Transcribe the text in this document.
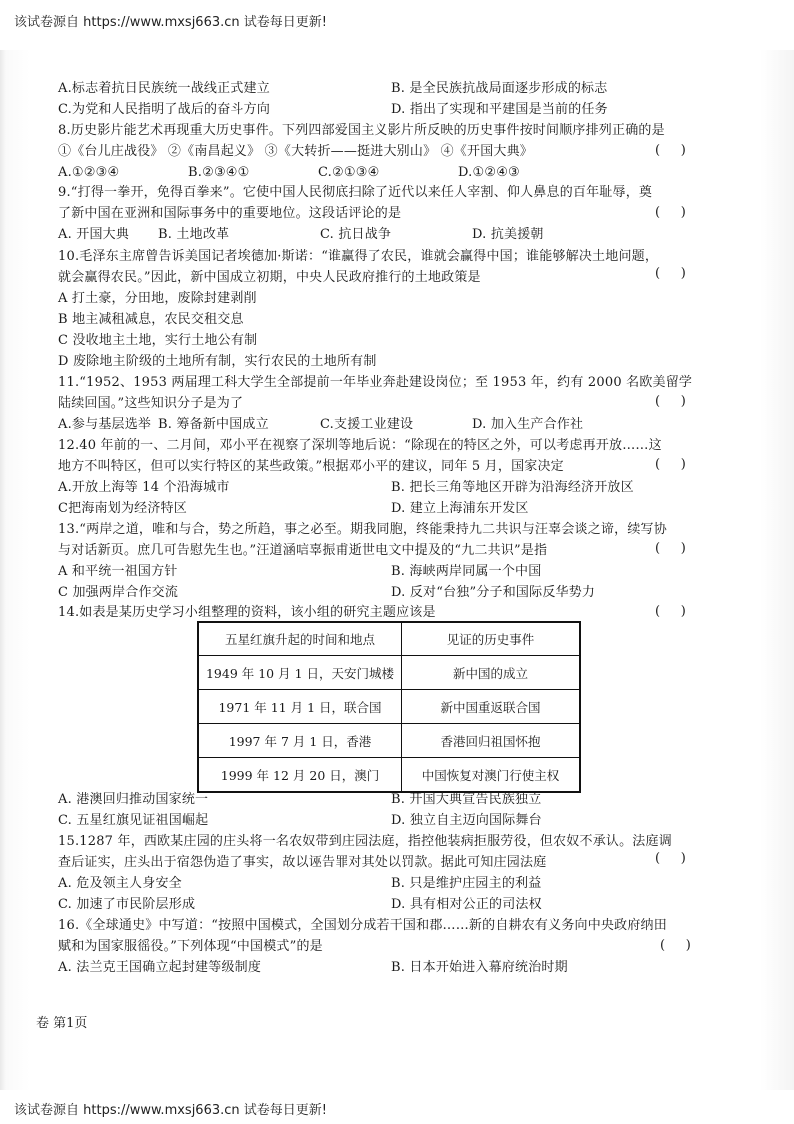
该试卷源自 https://www.mxsj663.cn 试卷每日更新!
A.标志着抗日民族统一战线正式建立	B. 是全民族抗战局面逐步形成的标志
C.为党和人民指明了战后的奋斗方向	D. 指出了实现和平建国是当前的任务
8.历史影片能艺术再现重大历史事件。下列四部爱国主义影片所反映的历史事件按时间顺序排列正确的是
①《台儿庄战役》 ②《南昌起义》 ③《大转折——挺进大别山》 ④《开国大典》	(     )
A.①②③④	B.②③④①	C.②①③④	D.①②④③
9.“打得一拳开，免得百拳来”。它使中国人民彻底扫除了近代以来任人宰割、仰人鼻息的百年耻辱，奠
了新中国在亚洲和国际事务中的重要地位。这段话评论的是	(     )
A. 开国大典 B. 土地改革	C. 抗日战争	D. 抗美援朝
10.毛泽东主席曾告诉美国记者埃德加·斯诺：“谁赢得了农民，谁就会赢得中国；谁能够解决土地问题，
就会赢得农民。”因此，新中国成立初期，中央人民政府推行的土地政策是	(     )
A 打土豪，分田地，废除封建剥削
B 地主减租减息，农民交租交息
C 没收地主土地，实行土地公有制
D 废除地主阶级的土地所有制，实行农民的土地所有制
11.“1952、1953 两届理工科大学生全部提前一年毕业奔赴建设岗位；至 1953 年，约有 2000 名欧美留学
陆续回国。”这些知识分子是为了	(     )
A.参与基层选举 B. 筹备新中国成立	C.支援工业建设	D. 加入生产合作社
12.40 年前的一、二月间，邓小平在视察了深圳等地后说：“除现在的特区之外，可以考虑再开放……这
地方不叫特区，但可以实行特区的某些政策。”根据邓小平的建议，同年 5 月，国家决定	(     )
A.开放上海等 14 个沿海城市	B. 把长三角等地区开辟为沿海经济开放区
C把海南划为经济特区	D. 建立上海浦东开发区
13.“两岸之道，唯和与合，势之所趋，事之必至。期我同胞，终能秉持九二共识与汪辜会谈之谛，续写协
与对话新页。庶几可告慰先生也。”汪道涵唁辜振甫逝世电文中提及的“九二共识”是指	(     )
A 和平统一祖国方针	B. 海峡两岸同属一个中国
C 加强两岸合作交流	D. 反对“台独”分子和国际反华势力
14.如表是某历史学习小组整理的资料，该小组的研究主题应该是	(     )
五星红旗升起的时间和地点	见证的历史事件
1949 年 10 月 1 日，天安门城楼	新中国的成立
1971 年 11 月 1 日，联合国	新中国重返联合国
1997 年 7 月 1 日，香港	香港回归祖国怀抱
1999 年 12 月 20 日，澳门	中国恢复对澳门行使主权
A. 港澳回归推动国家统一	B. 开国大典宣告民族独立
C. 五星红旗见证祖国崛起	D. 独立自主迈向国际舞台
15.1287 年，西欧某庄园的庄头将一名农奴带到庄园法庭，指控他装病拒服劳役，但农奴不承认。法庭调
查后证实，庄头出于宿怨伪造了事实，故以诬告罪对其处以罚款。据此可知庄园法庭	(     )
A. 危及领主人身安全	B. 只是维护庄园主的利益
C. 加速了市民阶层形成	D. 具有相对公正的司法权
16.《全球通史》中写道：“按照中国模式，全国划分成若干国和郡……新的自耕农有义务向中央政府纳田
赋和为国家服徭役。”下列体现“中国模式”的是	(     )
A. 法兰克王国确立起封建等级制度	B. 日本开始进入幕府统治时期
卷 第1页
该试卷源自 https://www.mxsj663.cn 试卷每日更新!
